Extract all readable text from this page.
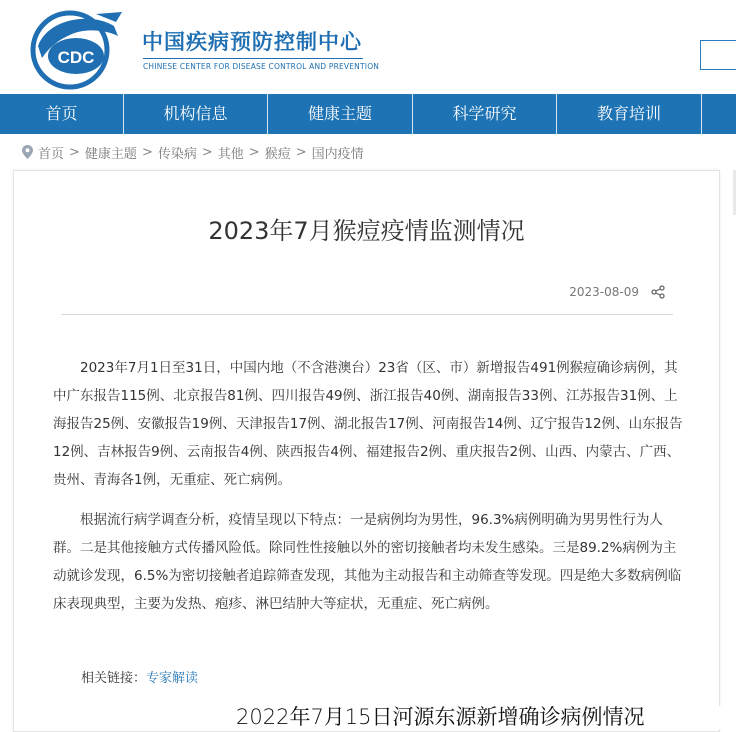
CDC
中国疾病预防控制中心
CHINESE CENTER FOR DISEASE CONTROL AND PREVENTION
首页	机构信息	健康主题	科学研究	教育培训
首页 > 健康主题 > 传染病 > 其他 > 猴痘 > 国内疫情
2023年7月猴痘疫情监测情况
2023-08-09

2023年7月1日至31日，中国内地（不含港澳台）23省（区、市）新增报告491例猴痘确诊病例，其中广东报告115例、北京报告81例、四川报告49例、浙江报告40例、湖南报告33例、江苏报告31例、上海报告25例、安徽报告19例、天津报告17例、湖北报告17例、河南报告14例、辽宁报告12例、山东报告12例、吉林报告9例、云南报告4例、陕西报告4例、福建报告2例、重庆报告2例、山西、内蒙古、广西、贵州、青海各1例，无重症、死亡病例。

根据流行病学调查分析，疫情呈现以下特点：一是病例均为男性，96.3%病例明确为男男性行为人群。二是其他接触方式传播风险低。除同性性接触以外的密切接触者均未发生感染。三是89.2%病例为主动就诊发现，6.5%为密切接触者追踪筛查发现，其他为主动报告和主动筛查等发现。四是绝大多数病例临床表现典型，主要为发热、疱疹、淋巴结肿大等症状，无重症、死亡病例。

相关链接：专家解读
2022年7月15日河源东源新增确诊病例情况
